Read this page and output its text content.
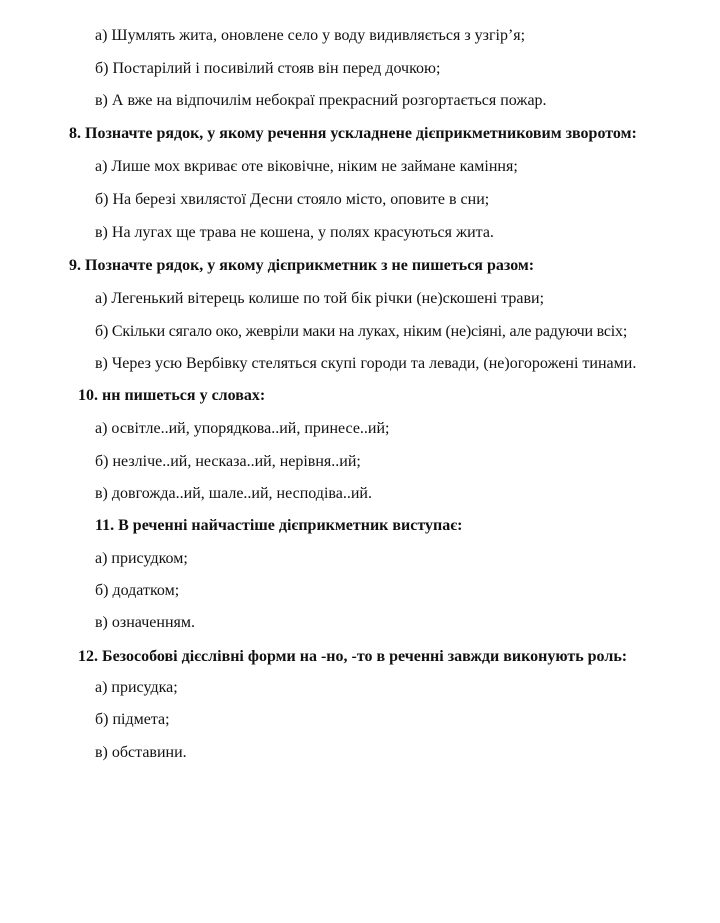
а) Шумлять жита, оновлене село у воду видивляється з узгір’я;
б) Постарілий і посивілий стояв він перед дочкою;
в) А вже на відпочилім небокраї прекрасний розгортається пожар.
8. Позначте рядок, у якому речення ускладнене дієприкметниковим зворотом:
а) Лише мох вкриває оте віковічне, ніким не займане каміння;
б) На березі хвилястої Десни стояло місто, оповите в сни;
в) На лугах ще трава не кошена, у полях красуються жита.
9. Позначте рядок, у якому дієприкметник з не пишеться разом:
а) Легенький вітерець колише по той бік річки (не)скошені трави;
б) Скільки сягало око, жевріли маки на луках, ніким (не)сіяні, але радуючи всіх;
в) Через усю Вербівку стеляться скупі городи та левади, (не)огорожені тинами.
10. нн пишеться у словах:
а) освітле..ий, упорядкова..ий, принесе..ий;
б) незліче..ий, несказа..ий, нерівня..ий;
в) довгожда..ий, шале..ий, несподіва..ий.
11. В реченні найчастіше дієприкметник виступає:
а) присудком;
б) додатком;
в) означенням.
12. Безособові дієслівні форми на -но, -то в реченні завжди виконують роль:
а) присудка;
б) підмета;
в) обставини.
